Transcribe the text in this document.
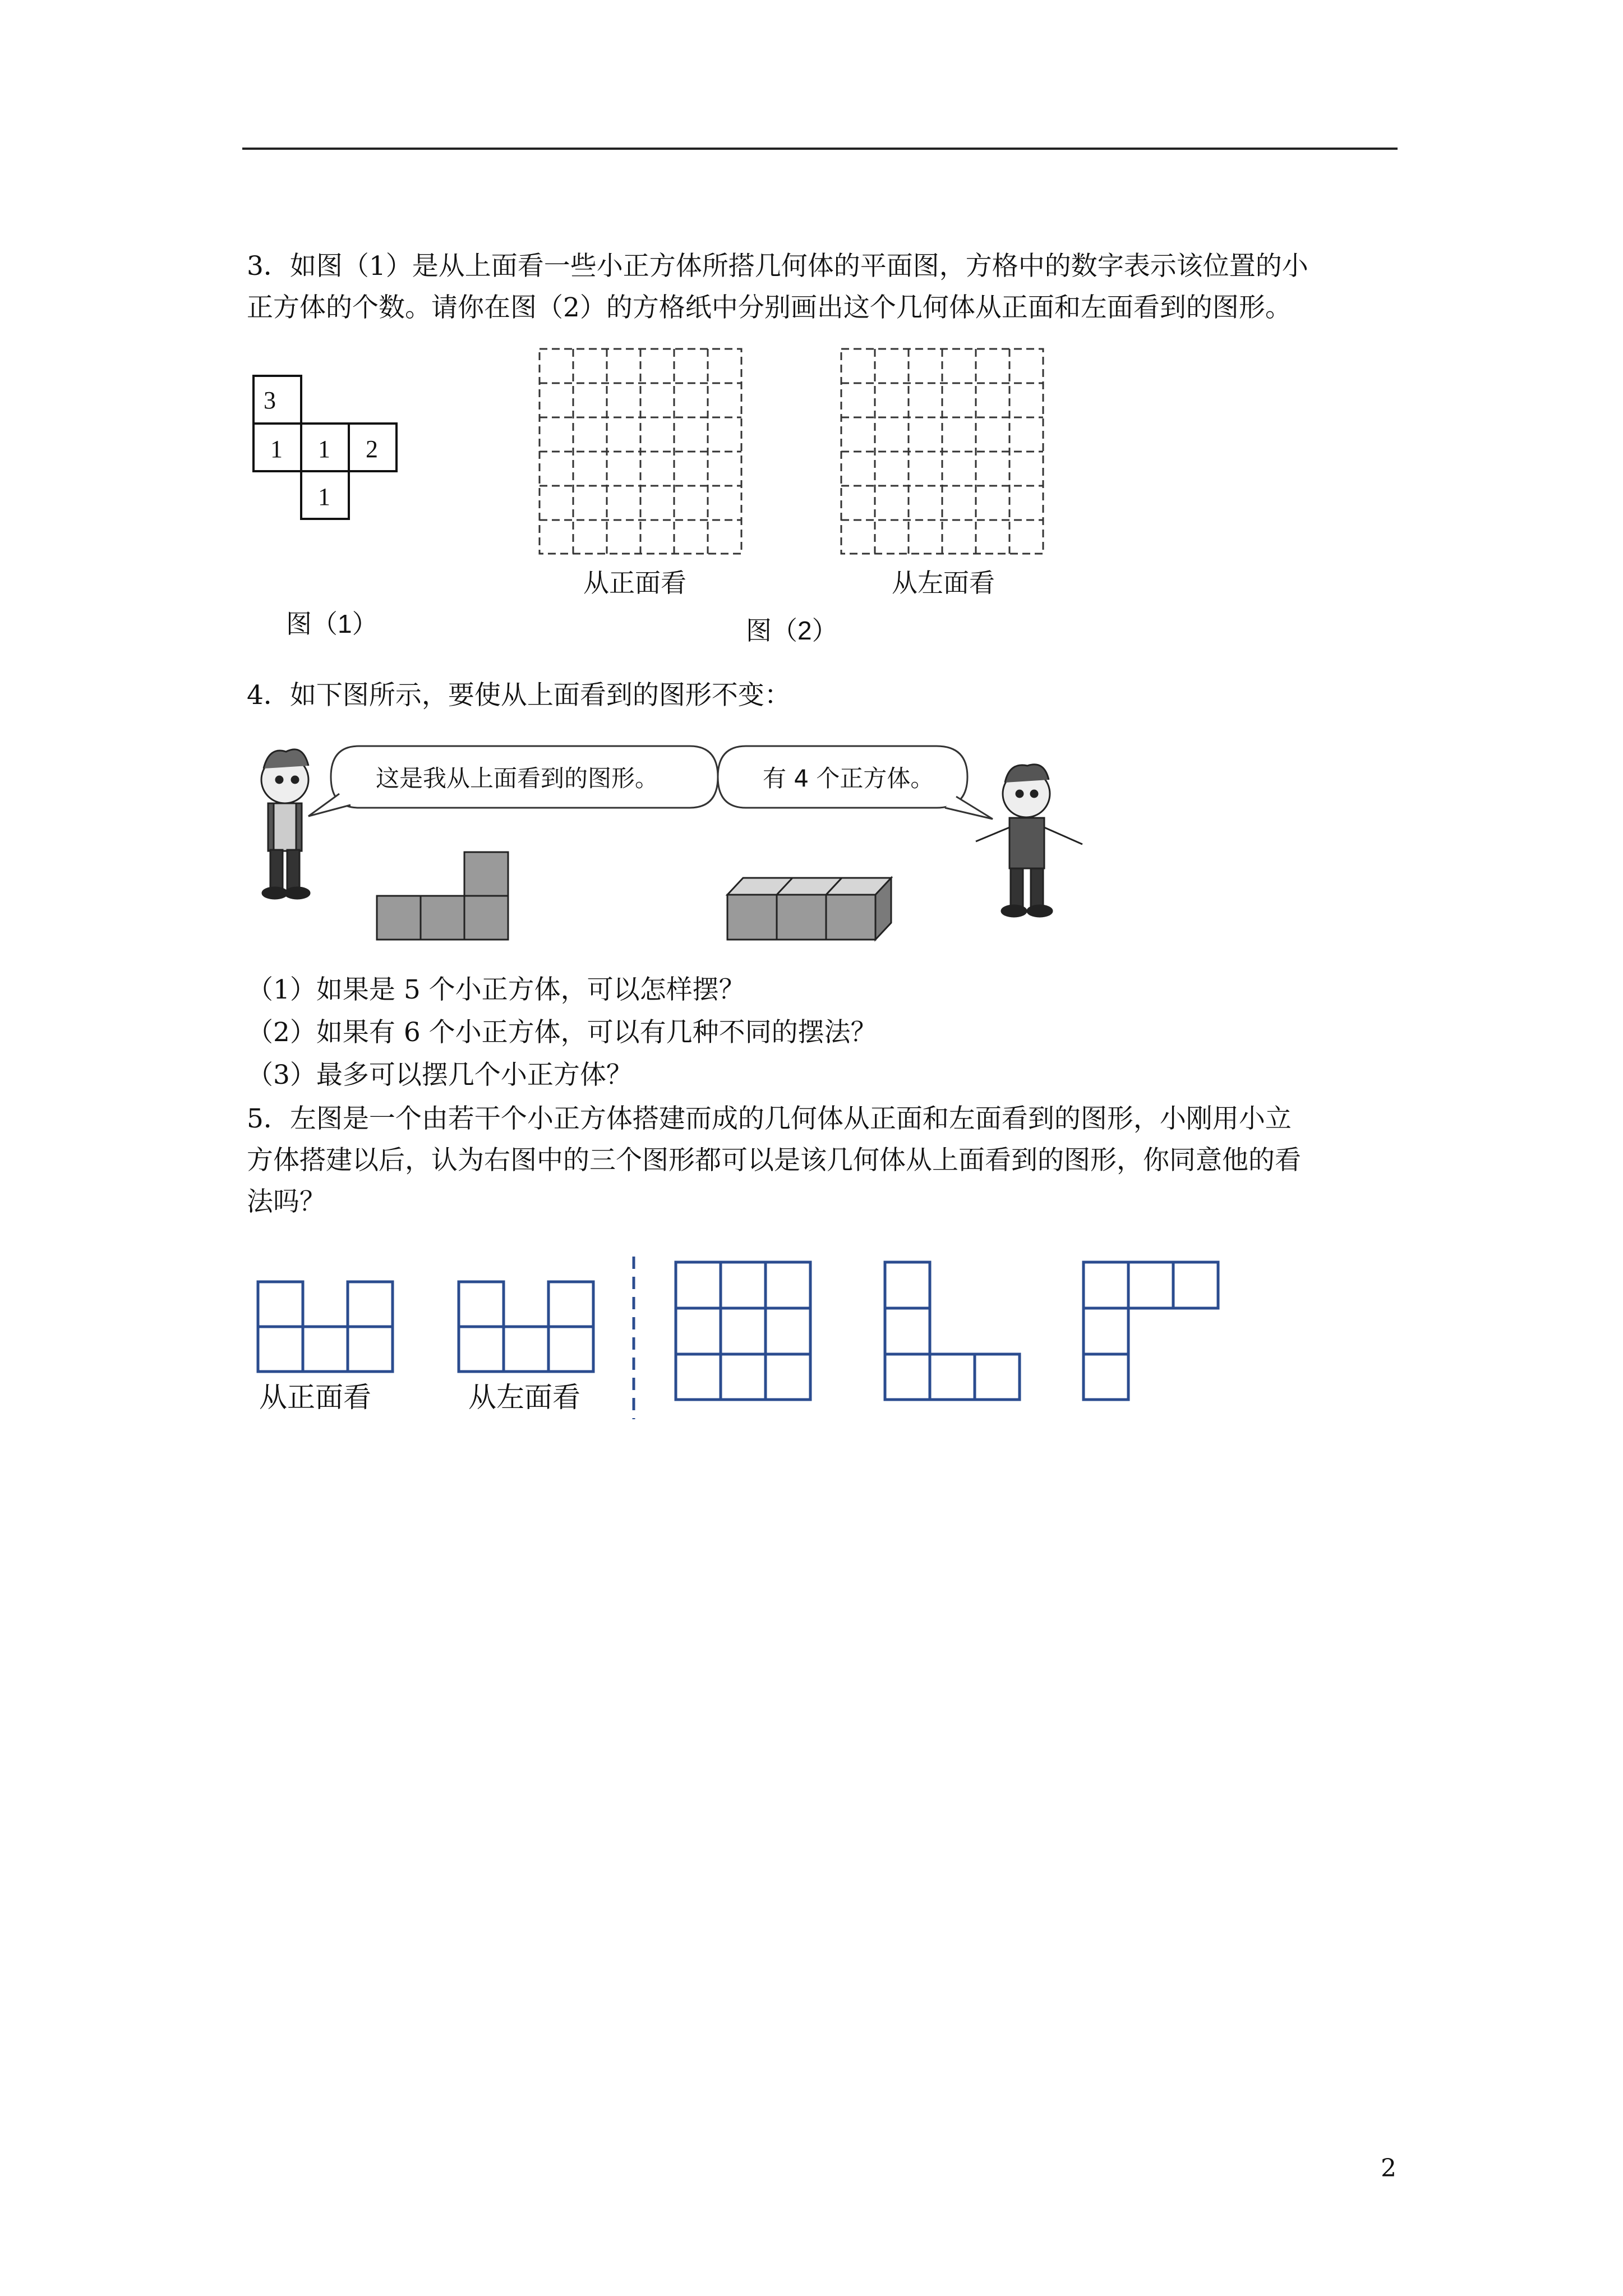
3．如图（1）是从上面看一些小正方体所搭几何体的平面图，方格中的数字表示该位置的小
正方体的个数。请你在图（2）的方格纸中分别画出这个几何体从正面和左面看到的图形。
3
1 1 2
1
图（1）
从正面看	从左面看
图（2）
4．如下图所示，要使从上面看到的图形不变：
这是我从上面看到的图形。	有 4 个正方体。
（1）如果是 5 个小正方体，可以怎样摆？
（2）如果有 6 个小正方体，可以有几种不同的摆法？
（3）最多可以摆几个小正方体？
5．左图是一个由若干个小正方体搭建而成的几何体从正面和左面看到的图形，小刚用小立
方体搭建以后，认为右图中的三个图形都可以是该几何体从上面看到的图形，你同意他的看
法吗？
从正面看	从左面看
2
